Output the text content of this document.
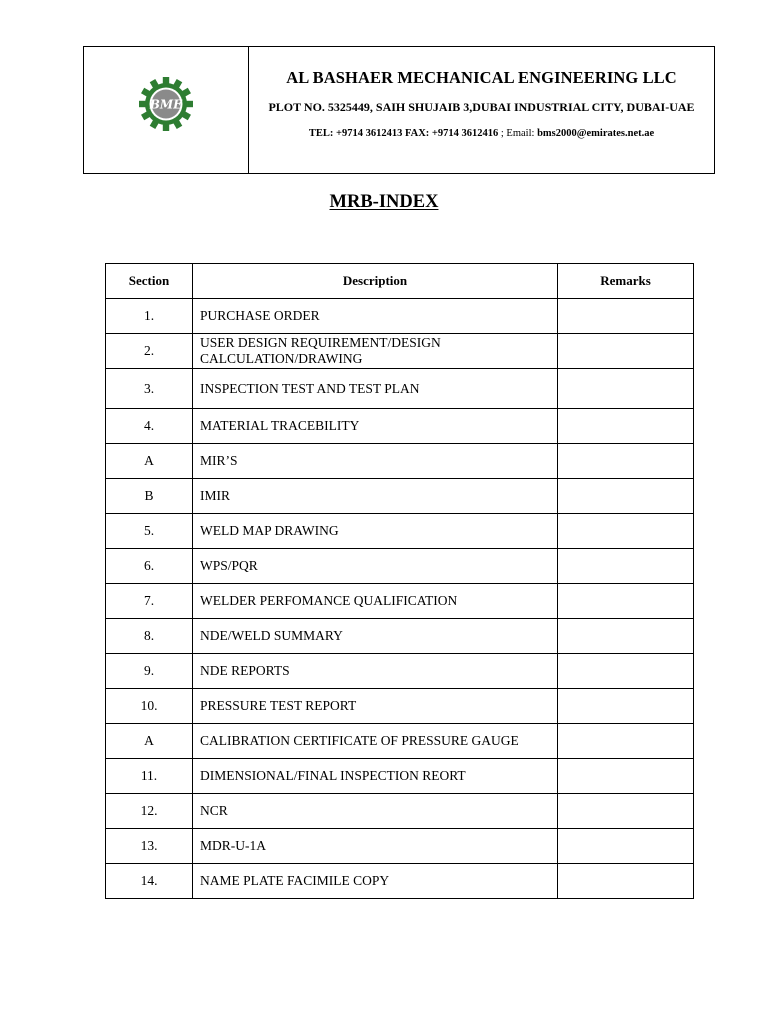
BME
AL BASHAER MECHANICAL ENGINEERING LLC
PLOT NO. 5325449, SAIH SHUJAIB 3,DUBAI INDUSTRIAL CITY, DUBAI-UAE
TEL: +9714 3612413 FAX: +9714 3612416 ; Email: bms2000@emirates.net.ae
MRB-INDEX
Section	Description	Remarks
1.	PURCHASE ORDER	
2.	USER DESIGN REQUIREMENT/DESIGN CALCULATION/DRAWING	
3.	INSPECTION TEST AND TEST PLAN	
4.	MATERIAL TRACEBILITY	
A	MIR’S	
B	IMIR	
5.	WELD MAP DRAWING	
6.	WPS/PQR	
7.	WELDER PERFOMANCE QUALIFICATION	
8.	NDE/WELD SUMMARY	
9.	NDE REPORTS	
10.	PRESSURE TEST REPORT	
A	CALIBRATION CERTIFICATE OF PRESSURE GAUGE	
11.	DIMENSIONAL/FINAL INSPECTION REORT	
12.	NCR	
13.	MDR-U-1A	
14.	NAME PLATE FACIMILE COPY	
